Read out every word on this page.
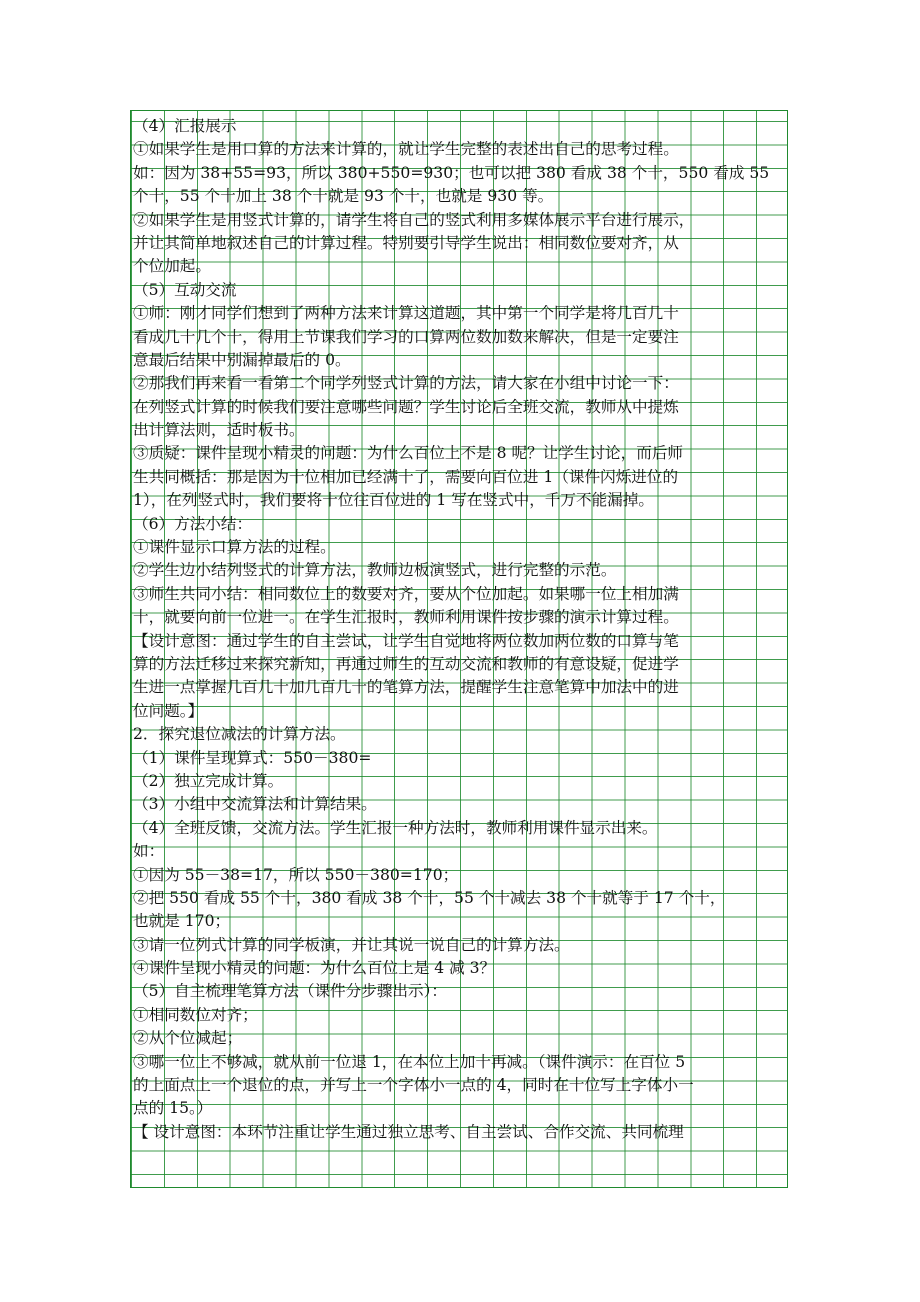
（4）汇报展示
①如果学生是用口算的方法来计算的，就让学生完整的表述出自己的思考过程。
如：因为 38+55=93，所以 380+550=930；也可以把 380 看成 38 个十，550 看成 55
个十，55 个十加上 38 个十就是 93 个十，也就是 930 等。
②如果学生是用竖式计算的，请学生将自己的竖式利用多媒体展示平台进行展示，
并让其简单地叙述自己的计算过程。特别要引导学生说出：相同数位要对齐，从
个位加起。
（5）互动交流
①师：刚才同学们想到了两种方法来计算这道题，其中第一个同学是将几百几十
看成几十几个十，得用上节课我们学习的口算两位数加数来解决，但是一定要注
意最后结果中别漏掉最后的 0。
②那我们再来看一看第二个同学列竖式计算的方法，请大家在小组中讨论一下：
在列竖式计算的时候我们要注意哪些问题？学生讨论后全班交流，教师从中提炼
出计算法则，适时板书。
③质疑：课件呈现小精灵的问题：为什么百位上不是 8 呢？让学生讨论，而后师
生共同概括：那是因为十位相加已经满十了，需要向百位进 1（课件闪烁进位的
1），在列竖式时，我们要将十位往百位进的 1 写在竖式中，千万不能漏掉。
（6）方法小结：
①课件显示口算方法的过程。
②学生边小结列竖式的计算方法，教师边板演竖式，进行完整的示范。
③师生共同小结：相同数位上的数要对齐，要从个位加起。如果哪一位上相加满
十，就要向前一位进一。在学生汇报时，教师利用课件按步骤的演示计算过程。
【设计意图：通过学生的自主尝试，让学生自觉地将两位数加两位数的口算与笔
算的方法迁移过来探究新知，再通过师生的互动交流和教师的有意设疑，促进学
生进一点掌握几百几十加几百几十的笔算方法，提醒学生注意笔算中加法中的进
位问题。】
2．探究退位减法的计算方法。
（1）课件呈现算式：550－380=
（2）独立完成计算。
（3）小组中交流算法和计算结果。
（4）全班反馈，交流方法。学生汇报一种方法时，教师利用课件显示出来。
如：
①因为 55－38=17，所以 550－380=170；
②把 550 看成 55 个十，380 看成 38 个十，55 个十减去 38 个十就等于 17 个十，
也就是 170；
③请一位列式计算的同学板演，并让其说一说自己的计算方法。
④课件呈现小精灵的问题：为什么百位上是 4 减 3？
（5）自主梳理笔算方法（课件分步骤出示）：
①相同数位对齐；
②从个位减起；
③哪一位上不够减，就从前一位退 1，在本位上加十再减。（课件演示：在百位 5
的上面点上一个退位的点，并写上一个字体小一点的 4，同时在十位写上字体小一
点的 15。）
【 设计意图：本环节注重让学生通过独立思考、自主尝试、合作交流、共同梳理
